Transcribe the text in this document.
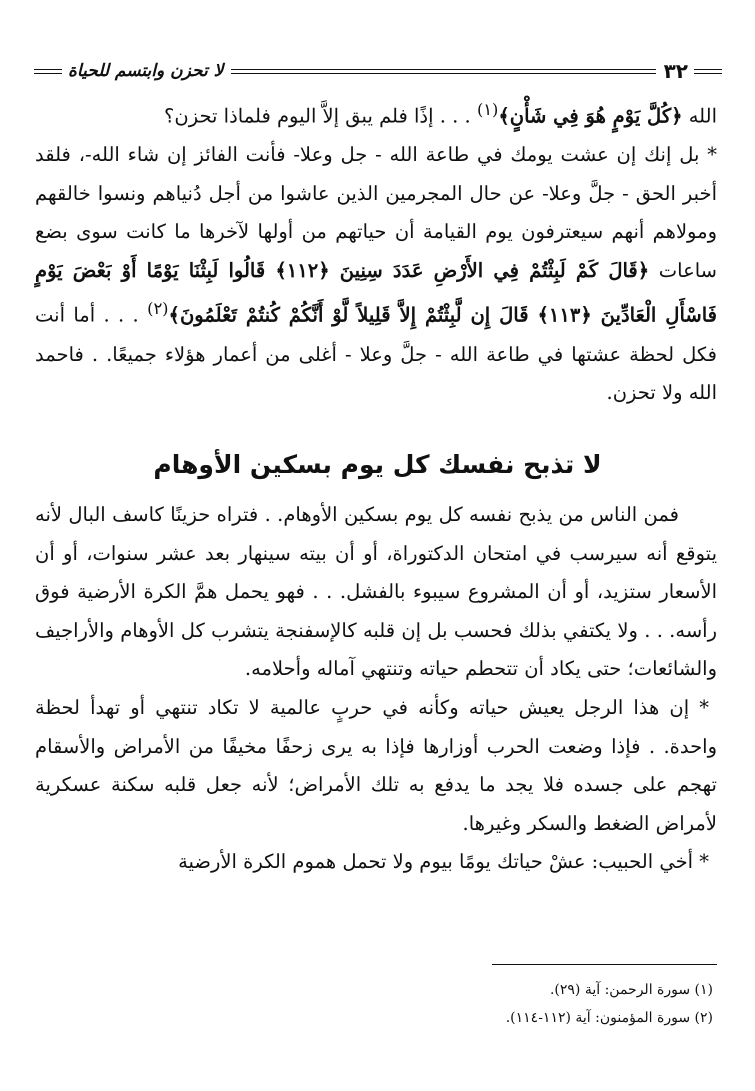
٣٢
لا تحزن وابتسم للحياة

الله ﴿كُلَّ يَوْمٍ هُوَ فِي شَأْنٍ﴾$^{(١)}$ . . . إذًا فلم يبق إلاَّ اليوم فلماذا تحزن؟

* بل إنك إن عشت يومك في طاعة الله - جل وعلا- فأنت الفائز إن شاء الله-، فلقد أخبر الحق - جلَّ وعلا- عن حال المجرمين الذين عاشوا من أجل دُنياهم ونسوا خالقهم ومولاهم أنهم سيعترفون يوم القيامة أن حياتهم من أولها لآخرها ما كانت سوى بضع ساعات ﴿قَالَ كَمْ لَبِثْتُمْ فِي الأَرْضِ عَدَدَ سِنِينَ ﴿١١٢﴾ قَالُوا لَبِثْنَا يَوْمًا أَوْ بَعْضَ يَوْمٍ فَاسْأَلِ الْعَادِّينَ ﴿١١٣﴾ قَالَ إِن لَّبِثْتُمْ إِلاَّ قَلِيلاً لَّوْ أَنَّكُمْ كُنتُمْ تَعْلَمُونَ﴾$^{(٢)}$ . . . أما أنت فكل لحظة عشتها في طاعة الله - جلَّ وعلا - أغلى من أعمار هؤلاء جميعًا. . فاحمد الله ولا تحزن.

لا تذبح نفسك كل يوم بسكين الأوهام

فمن الناس من يذبح نفسه كل يوم بسكين الأوهام. . فتراه حزينًا كاسف البال لأنه يتوقع أنه سيرسب في امتحان الدكتوراة، أو أن بيته سينهار بعد عشر سنوات، أو أن الأسعار ستزيد، أو أن المشروع سيبوء بالفشل. . . فهو يحمل همَّ الكرة الأرضية فوق رأسه. . . ولا يكتفي بذلك فحسب بل إن قلبه كالإسفنجة يتشرب كل الأوهام والأراجيف والشائعات؛ حتى يكاد أن تتحطم حياته وتنتهي آماله وأحلامه.

* إن هذا الرجل يعيش حياته وكأنه في حربٍ عالمية لا تكاد تنتهي أو تهدأ لحظة واحدة. . فإذا وضعت الحرب أوزارها فإذا به يرى زحفًا مخيفًا من الأمراض والأسقام تهجم على جسده فلا يجد ما يدفع به تلك الأمراض؛ لأنه جعل قلبه سكنة عسكرية لأمراض الضغط والسكر وغيرها.

* أخي الحبيب: عشْ حياتك يومًا بيوم ولا تحمل هموم الكرة الأرضية

(١) سورة الرحمن: آية (٢٩).
(٢) سورة المؤمنون: آية (١١٢-١١٤).
